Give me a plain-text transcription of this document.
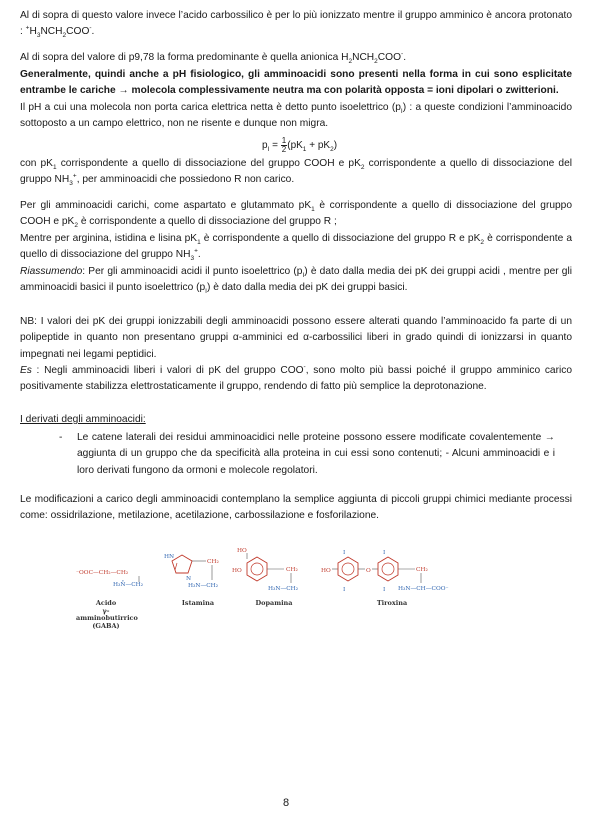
Al di sopra di questo valore invece l’acido carbossilico è per lo più ionizzato mentre il gruppo amminico è ancora protonato : $^+H_3NCH_2COO^-$.

Al di sopra del valore di p9,78 la forma predominante è quella anionica $H_2NCH_2COO^-$.

Generalmente, quindi anche a pH fisiologico, gli amminoacidi sono presenti nella forma in cui sono esplicitate entrambe le cariche → molecola complessivamente neutra ma con polarità opposta = ioni dipolari o zwitterioni.

Il pH a cui una molecola non porta carica elettrica netta è detto punto isoelettrico $(p_I)$ : a queste condizioni l’amminoacido sottoposto a un campo elettrico, non ne risente e dunque non migra.

$p_I = \frac{1}{2} (pK_1 + pK_2)$

con $pK_1$ corrispondente a quello di dissociazione del gruppo COOH e $pK_2$ corrispondente a quello di dissociazione del gruppo $NH_3^+$, per amminoacidi che possiedono R non carico.

Per gli amminoacidi carichi, come aspartato e glutammato $pK_1$ è corrispondente a quello di dissociazione del gruppo COOH e $pK_2$ è corrispondente a quello di dissociazione del gruppo R ;

Mentre per arginina, istidina e lisina $pK_1$ è corrispondente a quello di dissociazione del gruppo R e $pK_2$ è corrispondente a quello di dissociazione del gruppo $NH_3^+$.

Riassumendo: Per gli amminoacidi acidi il punto isoelettrico $(p_I)$ è dato dalla media dei pK dei gruppi acidi , mentre per gli amminoacidi basici il punto isoelettrico $(p_I)$ è dato dalla media dei pK dei gruppi basici.

NB: I valori dei pK dei gruppi ionizzabili degli amminoacidi possono essere alterati quando l’amminoacido fa parte di un polipeptide in quanto non presentano gruppi α-amminici ed α-carbossilici liberi in grado quindi di ionizzarsi in quanto impegnati nei legami peptidici.

Es : Negli amminoacidi liberi i valori di pK del gruppo COO-, sono molto più bassi poiché il gruppo amminico carico positivamente stabilizza elettrostaticamente il gruppo, rendendo di fatto più semplice la deprotonazione.

I derivati degli amminoacidi:

- Le catene laterali dei residui amminoacidici nelle proteine possono essere modificate covalentemente → aggiunta di un gruppo che da specificità alla proteina in cui essi sono contenuti; - Alcuni amminoacidi e i loro derivati fungono da ormoni e molecole regolatori.

Le modificazioni a carico degli amminoacidi contemplano la semplice aggiunta di piccoli gruppi chimici mediante processi come: ossidrilazione, metilazione, acetilazione, carbossilazione e fosforilazione.

⁻OOC—CH₂—CH₂
H₃N̊—CH₂
Acido
γ-amminobutirrico
(GABA)
HN
N
CH₂
H₃N—CH₂
Istamina
HO
HO	CH₂
H₃N—CH₂
Dopamina
HO
I
I
O
I
I
CH₂
H₃N—CH—COO⁻
Tiroxina
8
